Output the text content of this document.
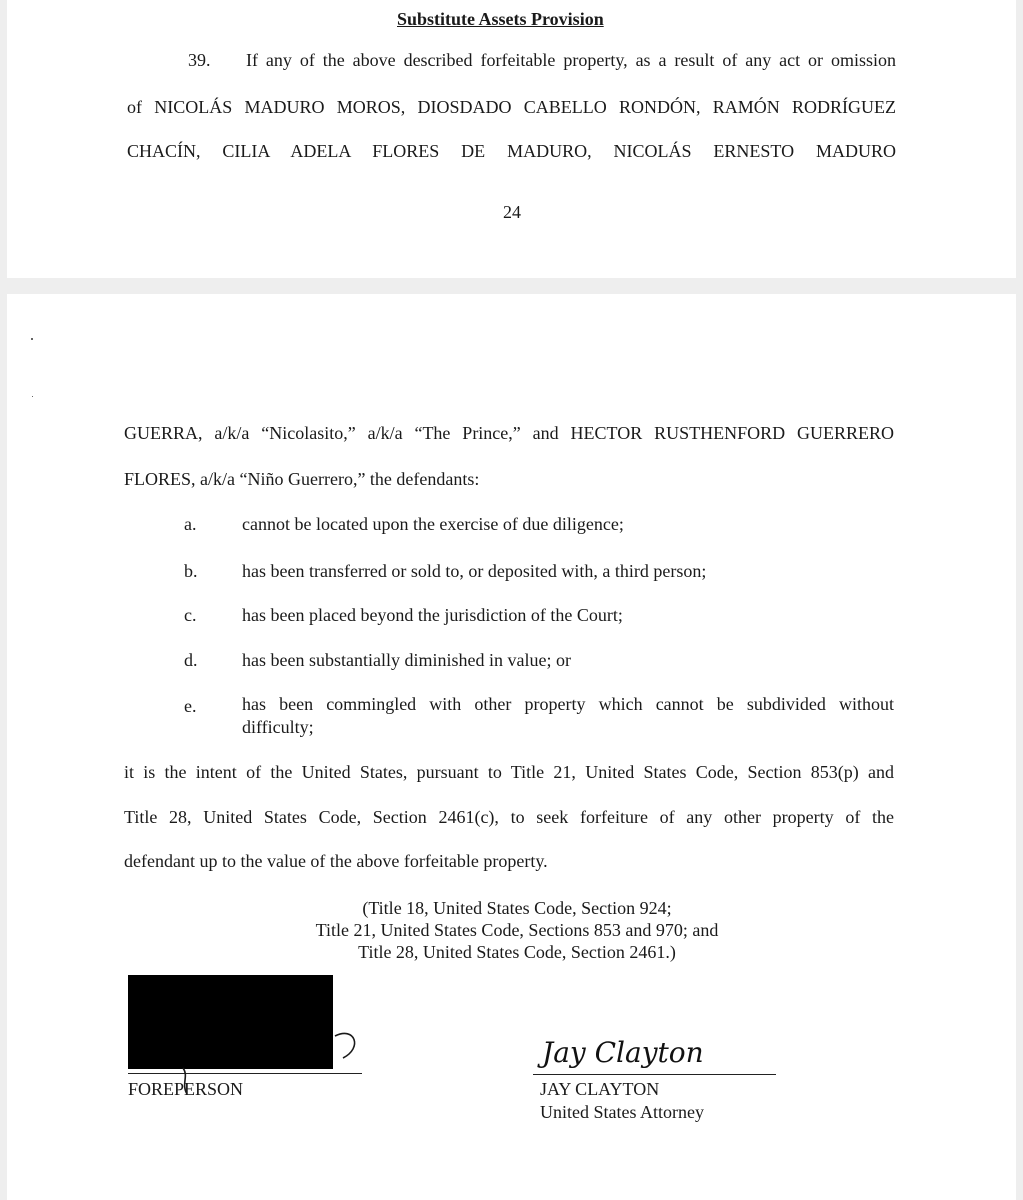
Substitute Assets Provision

39. If any of the above described forfeitable property, as a result of any act or omission

of NICOLÁS MADURO MOROS, DIOSDADO CABELLO RONDÓN, RAMÓN RODRÍGUEZ

CHACÍN, CILIA ADELA FLORES DE MADURO, NICOLÁS ERNESTO MADURO

24

GUERRA, a/k/a “Nicolasito,” a/k/a “The Prince,” and HECTOR RUSTHENFORD GUERRERO

FLORES, a/k/a “Niño Guerrero,” the defendants:

a.	cannot be located upon the exercise of due diligence;

b. has been transferred or sold to, or deposited with, a third person;

c.	has been placed beyond the jurisdiction of the Court;

d. has been substantially diminished in value; or

e.	has been commingled with other property which cannot be subdivided without

difficulty;

it is the intent of the United States, pursuant to Title 21, United States Code, Section 853(p) and

Title 28, United States Code, Section 2461(c), to seek forfeiture of any other property of the

defendant up to the value of the above forfeitable property.

(Title 18, United States Code, Section 924;

Title 21, United States Code, Sections 853 and 970; and

Title 28, United States Code, Section 2461.)

FOREPERSON

Jay Clayton

JAY CLAYTON

United States Attorney
